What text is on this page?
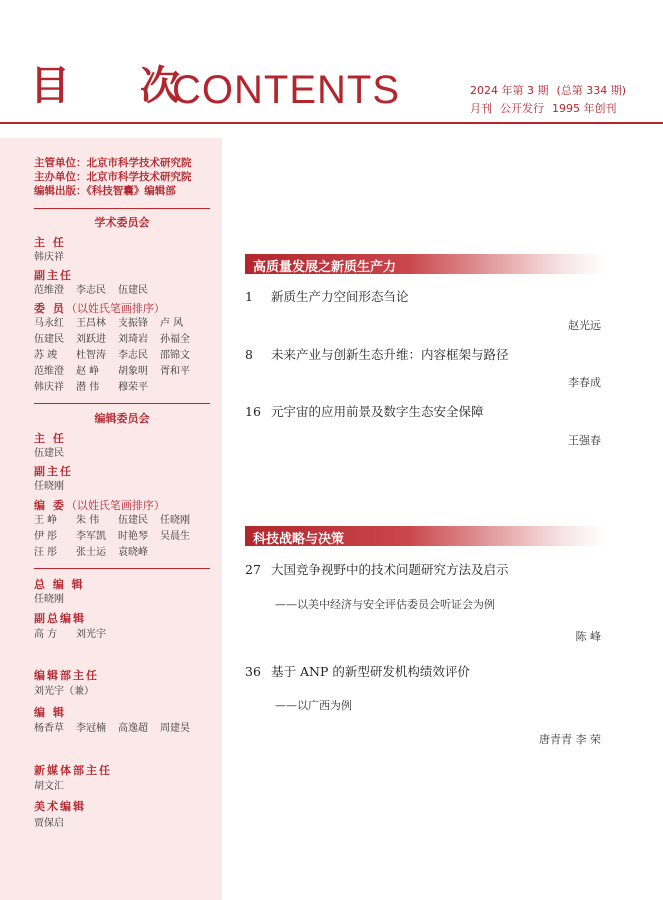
目 次
CONTENTS	2024 年第 3 期 (总第 334 期)
月刊 公开发行 1995 年创刊
主管单位：北京市科学技术研究院
主办单位：北京市科学技术研究院
编辑出版：《科技智囊》编辑部
学术委员会
主 任
韩庆祥
副主任
范维澄 李志民 伍建民
委 员（以姓氏笔画排序）
马永红 王昌林 支振锋 卢 风
伍建民 刘跃进 刘琦岩 孙福全
苏 竣 杜智涛 李志民 邵锦文
范维澄 赵 峥 胡象明 胥和平
韩庆祥 潜 伟 穆荣平
编辑委员会
主 任
伍建民
副主任
任晓刚
编 委（以姓氏笔画排序）
王 峥 朱 伟 伍建民 任晓刚
伊 彤 李军凯 时艳琴 吴晨生
汪 彤 张士运 袁晓峰
总 编 辑
任晓刚
副总编辑
高 方 刘光宇
编辑部主任
刘光宇（兼）
编 辑
杨香草 李冠楠 高逸超 周建昊
新媒体部主任
胡文汇
美术编辑
贾保启
高质量发展之新质生产力
1 新质生产力空间形态刍论
赵光远
8 未来产业与创新生态升维：内容框架与路径
李春成
16 元宇宙的应用前景及数字生态安全保障
王强春
科技战略与决策
27 大国竞争视野中的技术问题研究方法及启示
——以美中经济与安全评估委员会听证会为例
陈 峰
36 基于 ANP 的新型研发机构绩效评价
——以广西为例
唐青青 李 荣
